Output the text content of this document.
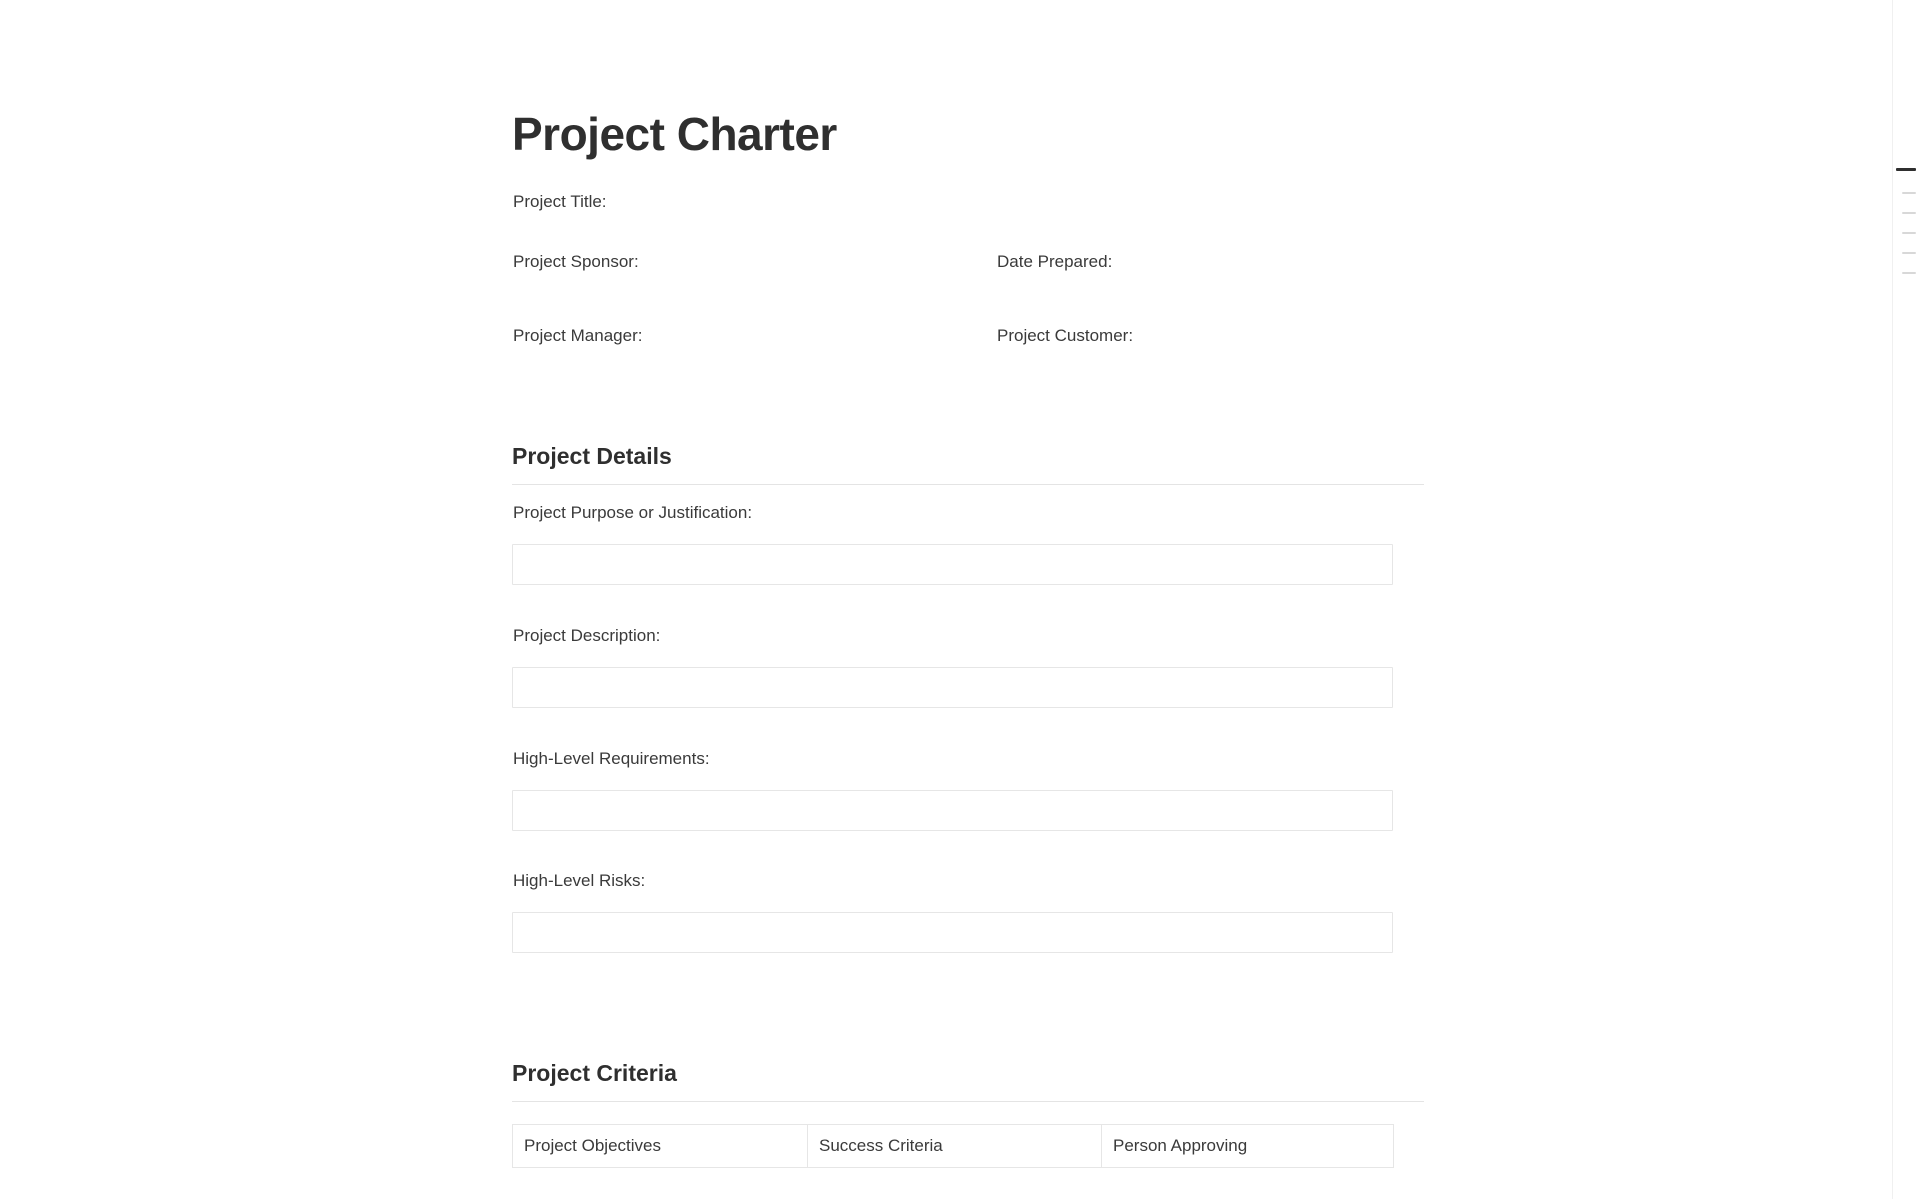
Project Charter
Project Title:
Project Sponsor:	Date Prepared:
Project Manager:	Project Customer:
Project Details
Project Purpose or Justification:
Project Description:
High-Level Requirements:
High-Level Risks:
Project Criteria
Project Objectives	Success Criteria	Person Approving
